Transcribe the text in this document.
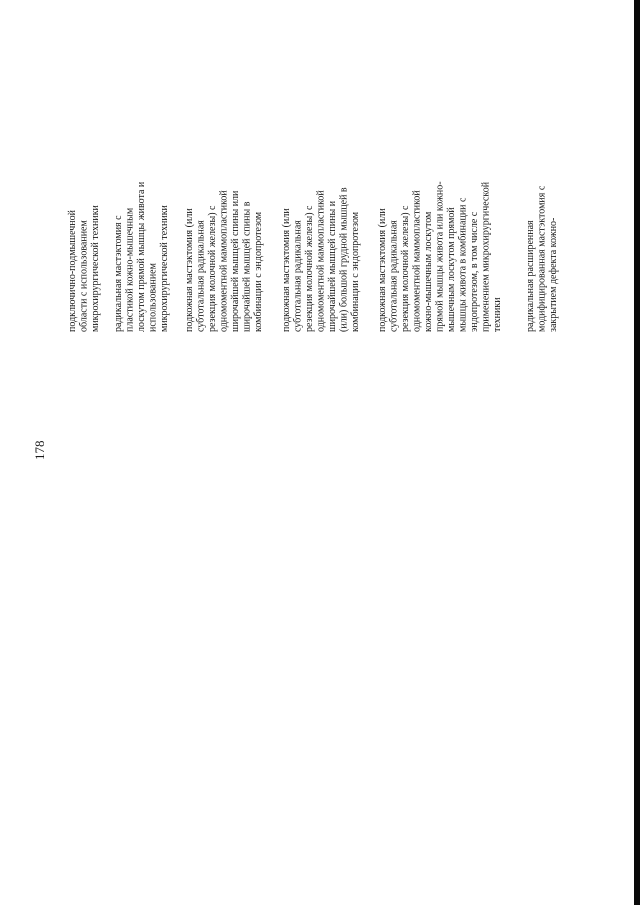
178
подключично-подмышечной области с использованием микрохирургической техники радикальная мастэктомия с пластикой кожно-мышечным лоскутом прямой мышцы живота и использованием микрохирургической техники подкожная мастэктомия (или субтотальная радикальная резекция молочной железы) с одномоментной маммопластикой широчайшей мышцей спины или широчайшей мышцей спины в комбинации с эндопротезом подкожная мастэктомия (или субтотальная радикальная резекция молочной железы) с одномоментной маммопластикой широчайшей мышцей спины и (или) большой грудной мышцей в комбинации с эндопротезом подкожная мастэктомия (или субтотальная радикальная резекция молочной железы) с одномоментной маммопластикой кожно-мышечным лоскутом прямой мышцы живота или кожно- мышечным лоскутом прямой мышцы живота в комбинации с эндопротезом, в том числе с применением микрохирургической техники радикальная расширенная модифицированная мастэктомия с закрытием дефекта кожно-
